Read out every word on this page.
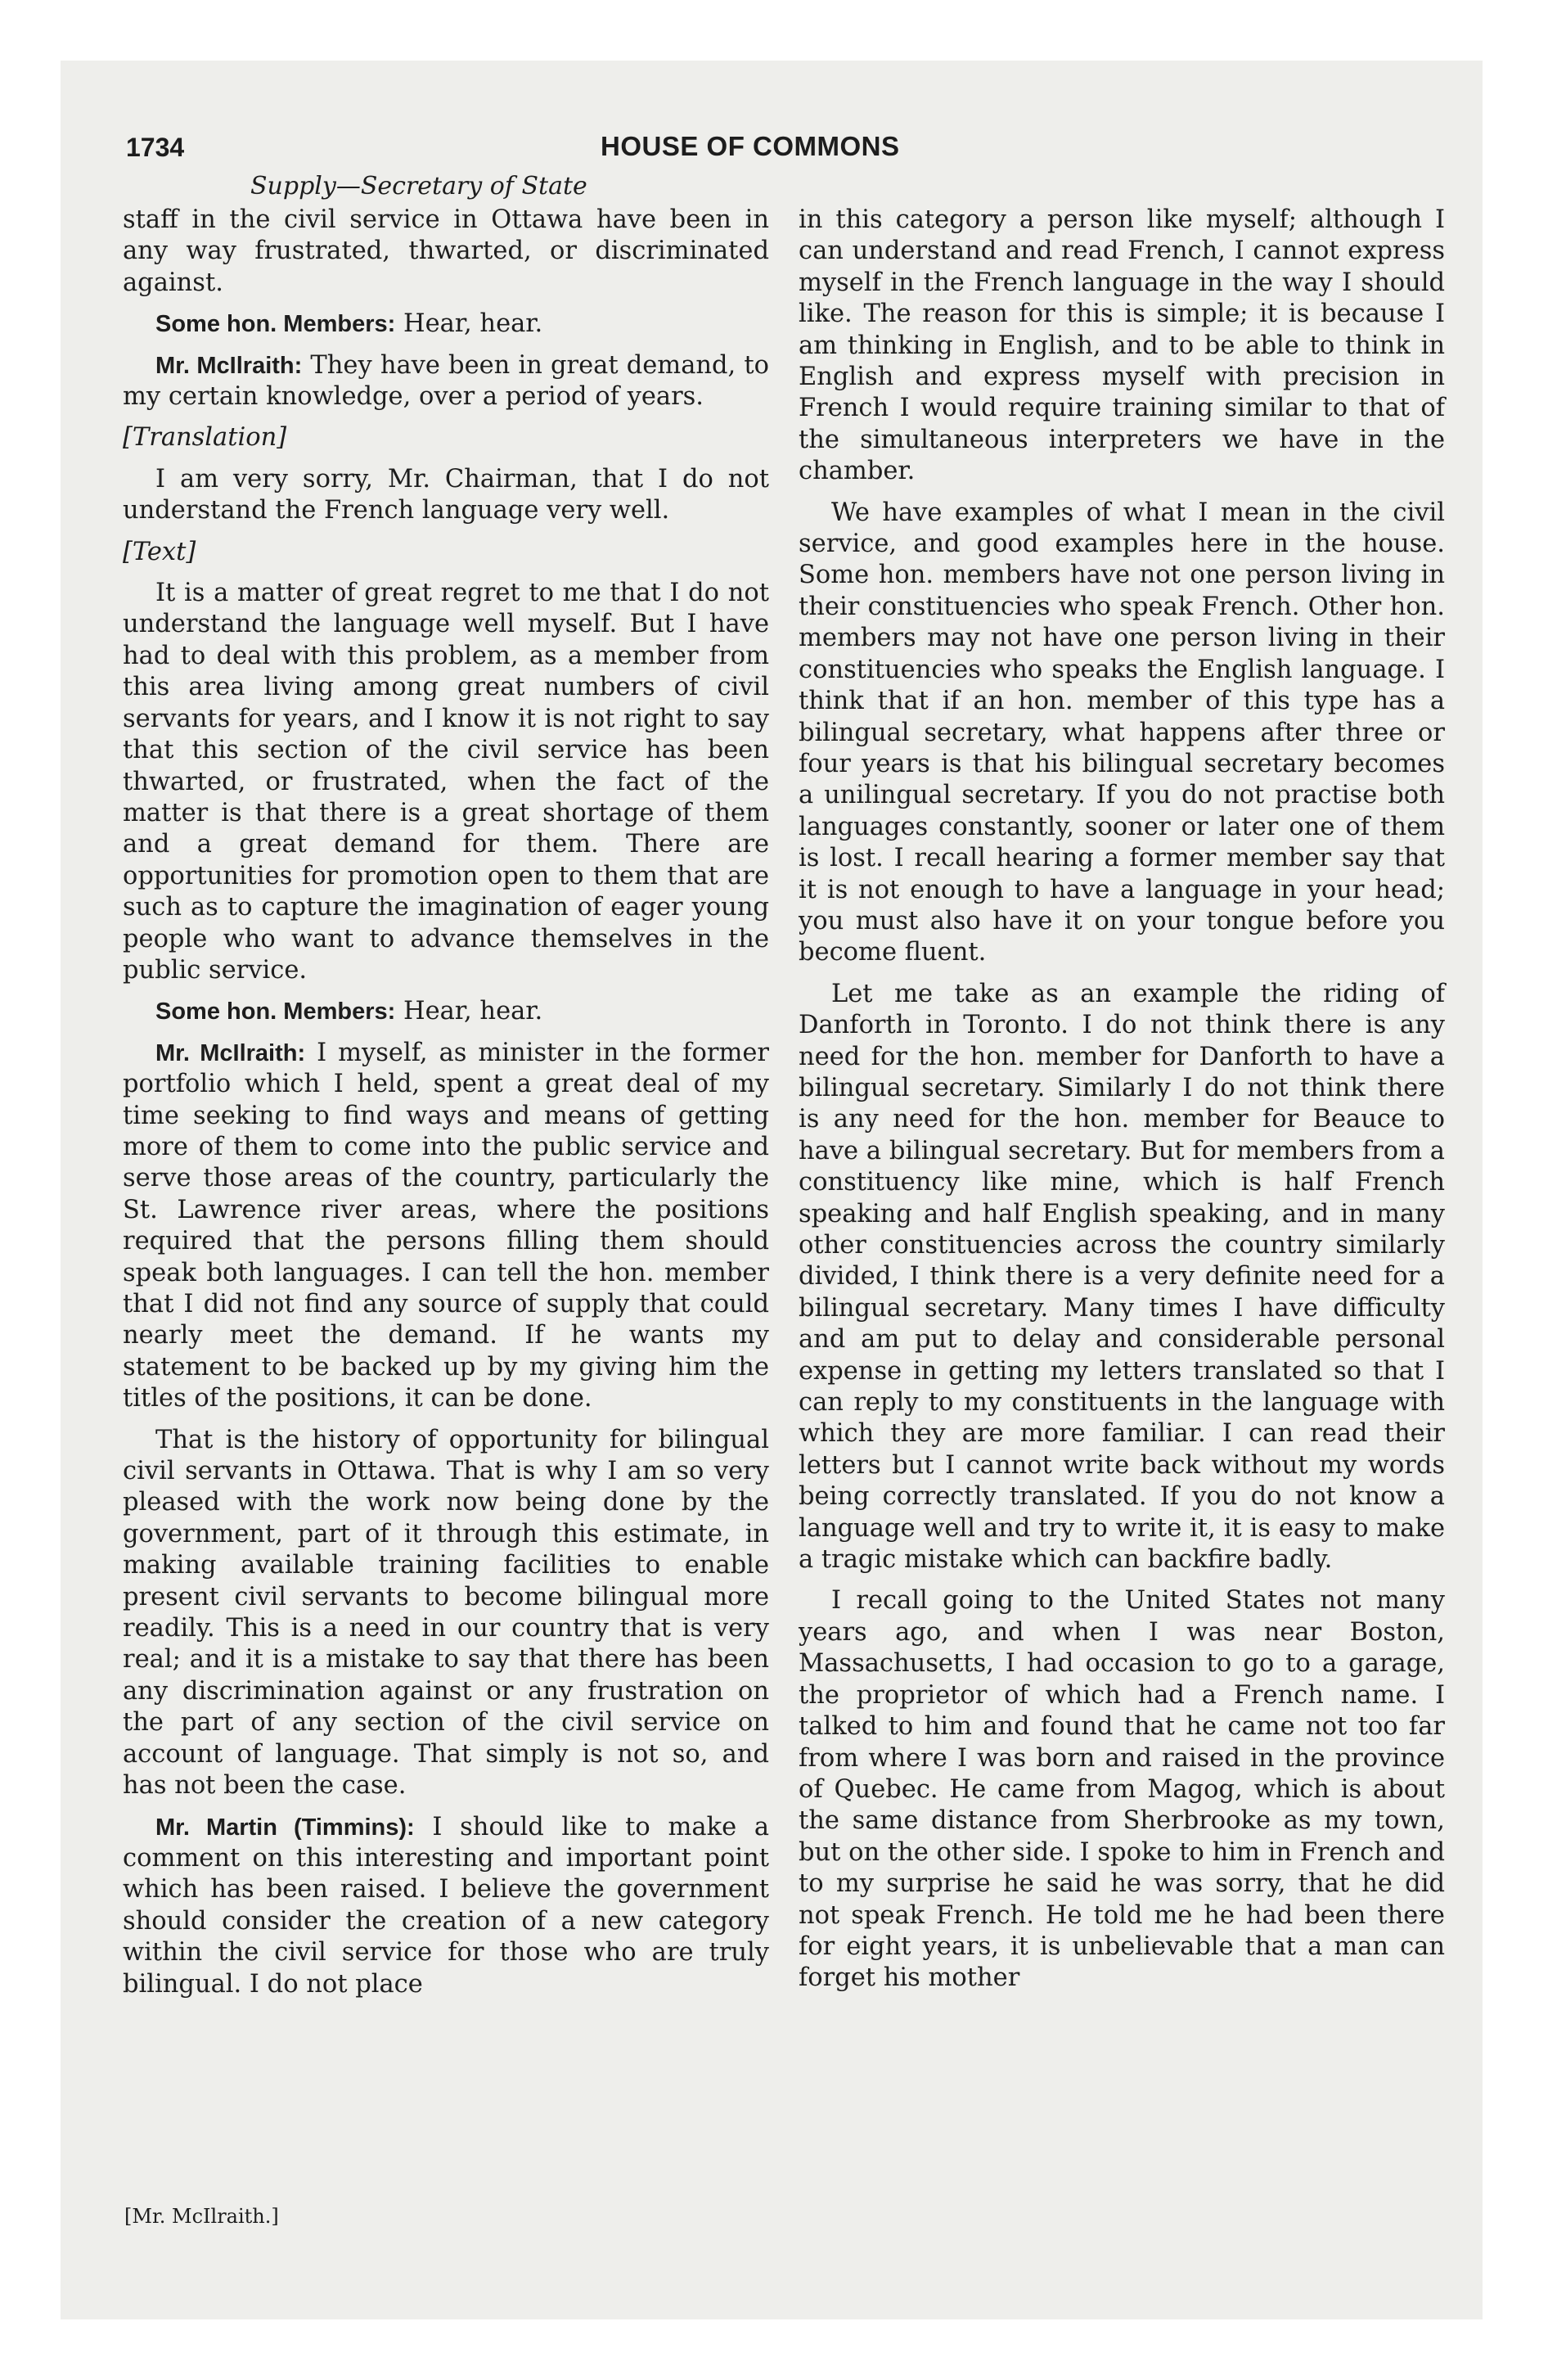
1734	HOUSE OF COMMONS
Supply—Secretary of State

staff in the civil service in Ottawa have been in any way frustrated, thwarted, or discriminated against.

Some hon. Members: Hear, hear.

Mr. McIlraith: They have been in great demand, to my certain knowledge, over a period of years.

[Translation]

I am very sorry, Mr. Chairman, that I do not understand the French language very well.

[Text]

It is a matter of great regret to me that I do not understand the language well myself. But I have had to deal with this problem, as a member from this area living among great numbers of civil servants for years, and I know it is not right to say that this section of the civil service has been thwarted, or frustrated, when the fact of the matter is that there is a great shortage of them and a great demand for them. There are opportunities for promotion open to them that are such as to capture the imagination of eager young people who want to advance themselves in the public service.

Some hon. Members: Hear, hear.

Mr. McIlraith: I myself, as minister in the former portfolio which I held, spent a great deal of my time seeking to find ways and means of getting more of them to come into the public service and serve those areas of the country, particularly the St. Lawrence river areas, where the positions required that the persons filling them should speak both languages. I can tell the hon. member that I did not find any source of supply that could nearly meet the demand. If he wants my statement to be backed up by my giving him the titles of the positions, it can be done.

That is the history of opportunity for bilingual civil servants in Ottawa. That is why I am so very pleased with the work now being done by the government, part of it through this estimate, in making available training facilities to enable present civil servants to become bilingual more readily. This is a need in our country that is very real; and it is a mistake to say that there has been any discrimination against or any frustration on the part of any section of the civil service on account of language. That simply is not so, and has not been the case.

Mr. Martin (Timmins): I should like to make a comment on this interesting and important point which has been raised. I believe the government should consider the creation of a new category within the civil service for those who are truly bilingual. I do not place

in this category a person like myself; although I can understand and read French, I cannot express myself in the French language in the way I should like. The reason for this is simple; it is because I am thinking in English, and to be able to think in English and express myself with precision in French I would require training similar to that of the simultaneous interpreters we have in the chamber.

We have examples of what I mean in the civil service, and good examples here in the house. Some hon. members have not one person living in their constituencies who speak French. Other hon. members may not have one person living in their constituencies who speaks the English language. I think that if an hon. member of this type has a bilingual secretary, what happens after three or four years is that his bilingual secretary becomes a unilingual secretary. If you do not practise both languages constantly, sooner or later one of them is lost. I recall hearing a former member say that it is not enough to have a language in your head; you must also have it on your tongue before you become fluent.

Let me take as an example the riding of Danforth in Toronto. I do not think there is any need for the hon. member for Danforth to have a bilingual secretary. Similarly I do not think there is any need for the hon. member for Beauce to have a bilingual secretary. But for members from a constituency like mine, which is half French speaking and half English speaking, and in many other constituencies across the country similarly divided, I think there is a very definite need for a bilingual secretary. Many times I have difficulty and am put to delay and considerable personal expense in getting my letters translated so that I can reply to my constituents in the language with which they are more familiar. I can read their letters but I cannot write back without my words being correctly translated. If you do not know a language well and try to write it, it is easy to make a tragic mistake which can backfire badly.

I recall going to the United States not many years ago, and when I was near Boston, Massachusetts, I had occasion to go to a garage, the proprietor of which had a French name. I talked to him and found that he came not too far from where I was born and raised in the province of Quebec. He came from Magog, which is about the same distance from Sherbrooke as my town, but on the other side. I spoke to him in French and to my surprise he said he was sorry, that he did not speak French. He told me he had been there for eight years, it is unbelievable that a man can forget his mother

[Mr. McIlraith.]
